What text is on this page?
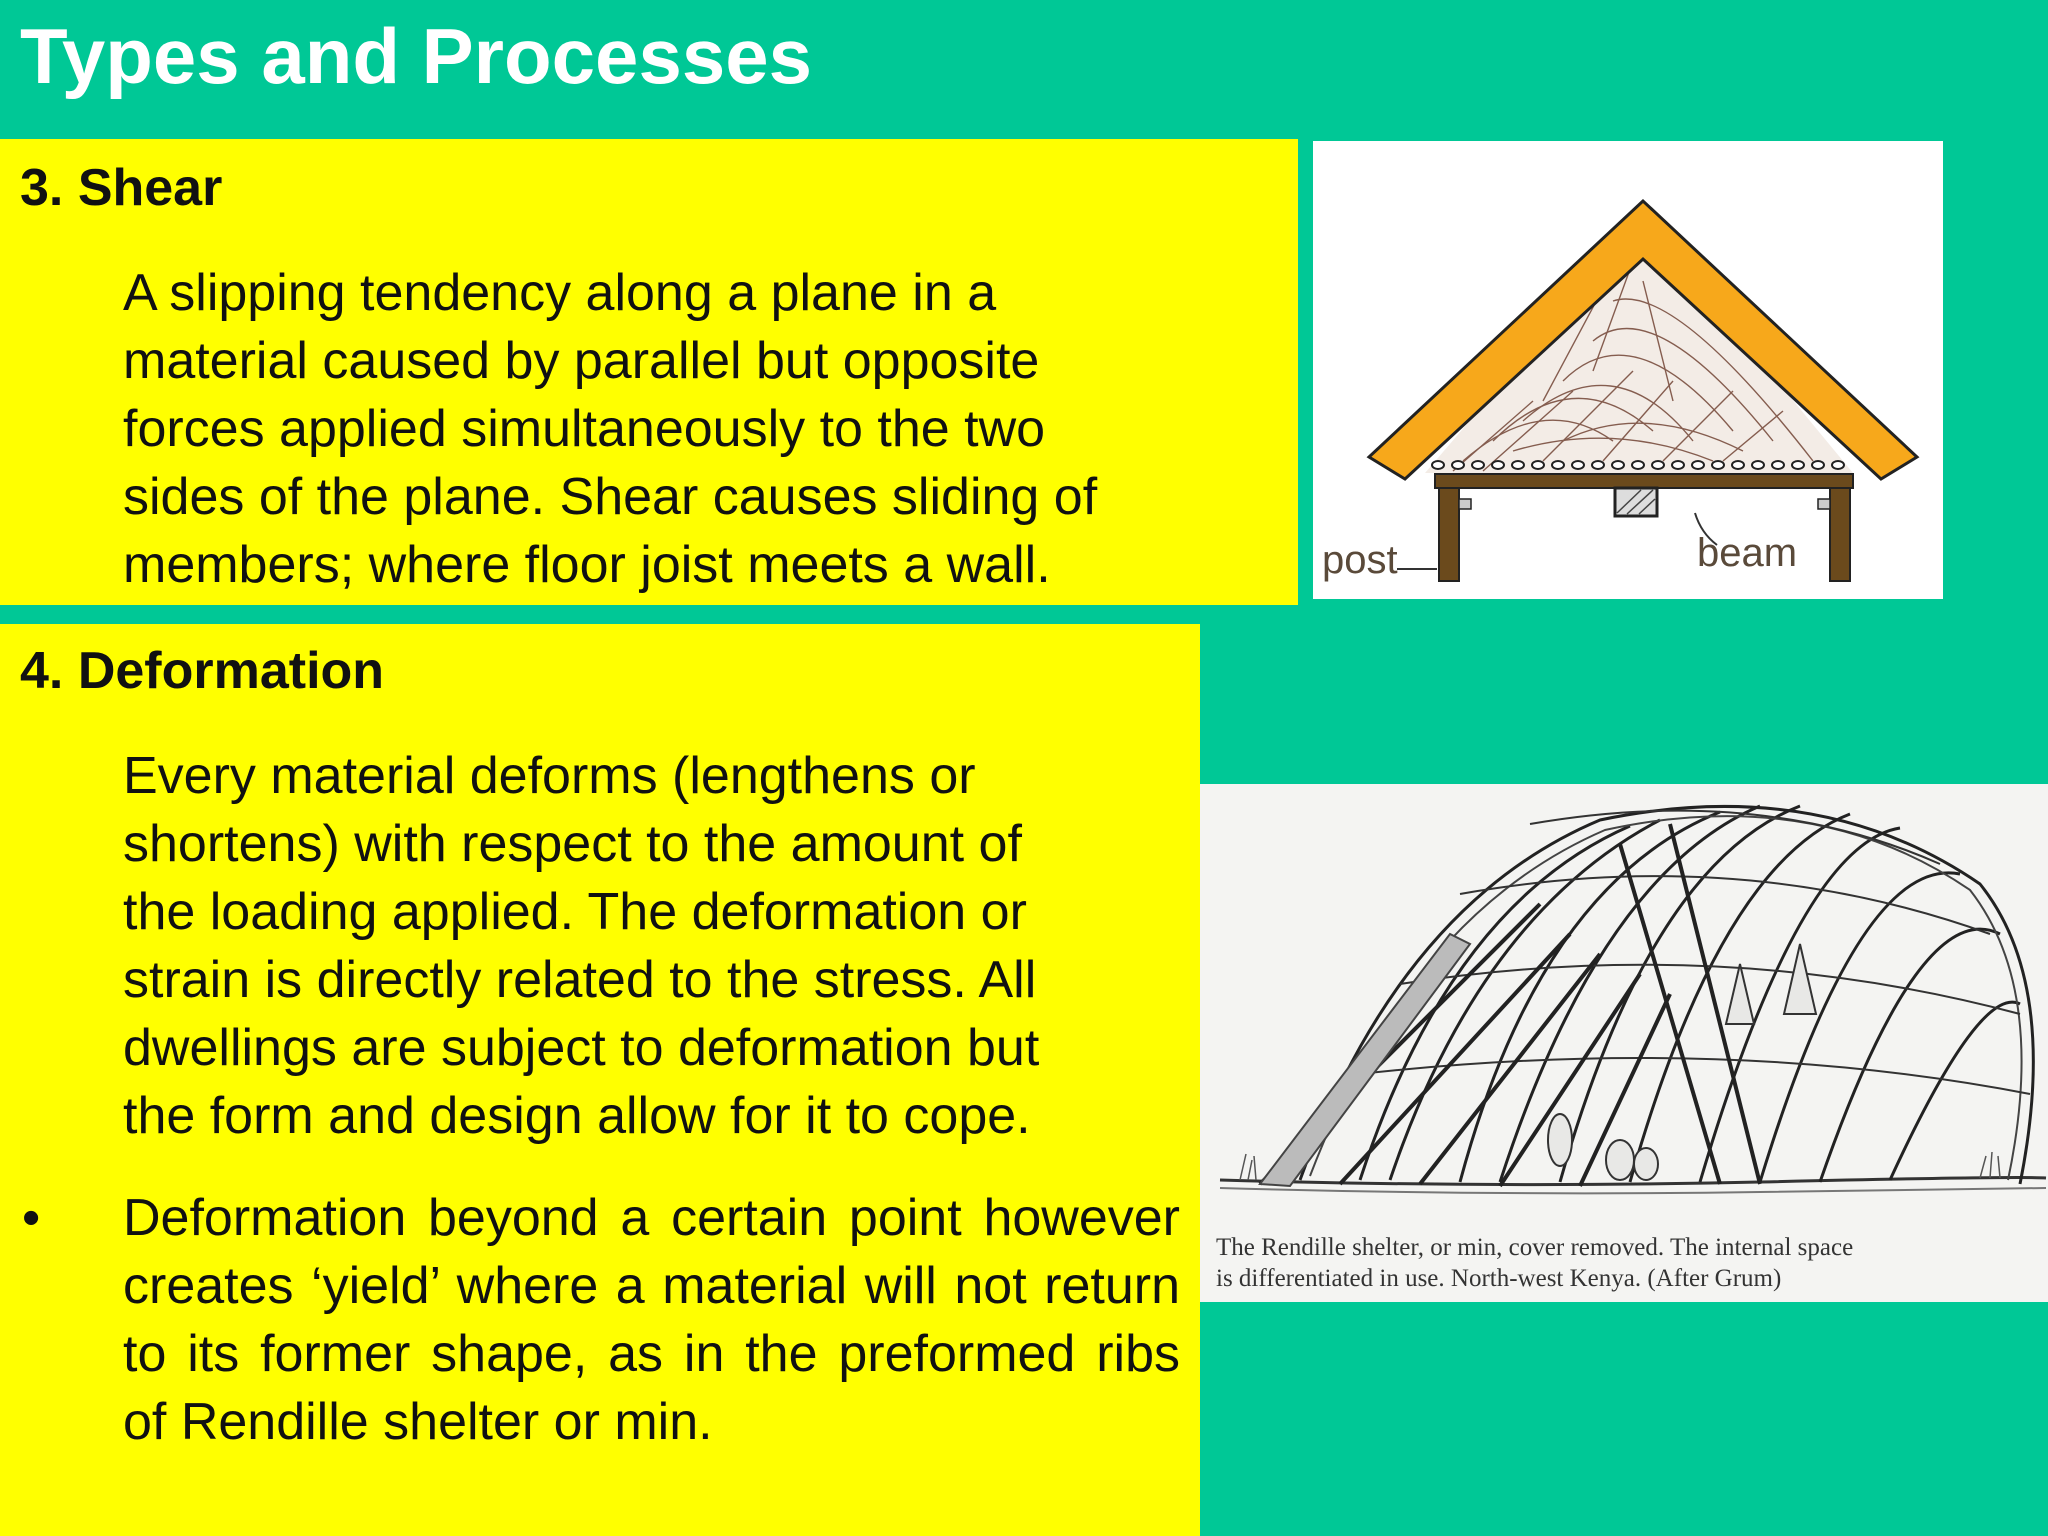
Types and Processes
3. Shear
A slipping tendency along a plane in a
material caused by parallel but opposite
forces applied simultaneously to the two
sides of the plane. Shear causes sliding of
members; where floor joist meets a wall.
4. Deformation
Every material deforms (lengthens or
shortens) with respect to the amount of
the loading applied. The deformation or
strain is directly related to the stress. All
dwellings are subject to deformation but
the form and design allow for it to cope.
• Deformation beyond a certain point however creates ‘yield’ where a material will not return to its former shape, as in the preformed ribs of Rendille shelter or min.

post	beam

The Rendille shelter, or min, cover removed. The internal space
is differentiated in use. North-west Kenya. (After Grum)
